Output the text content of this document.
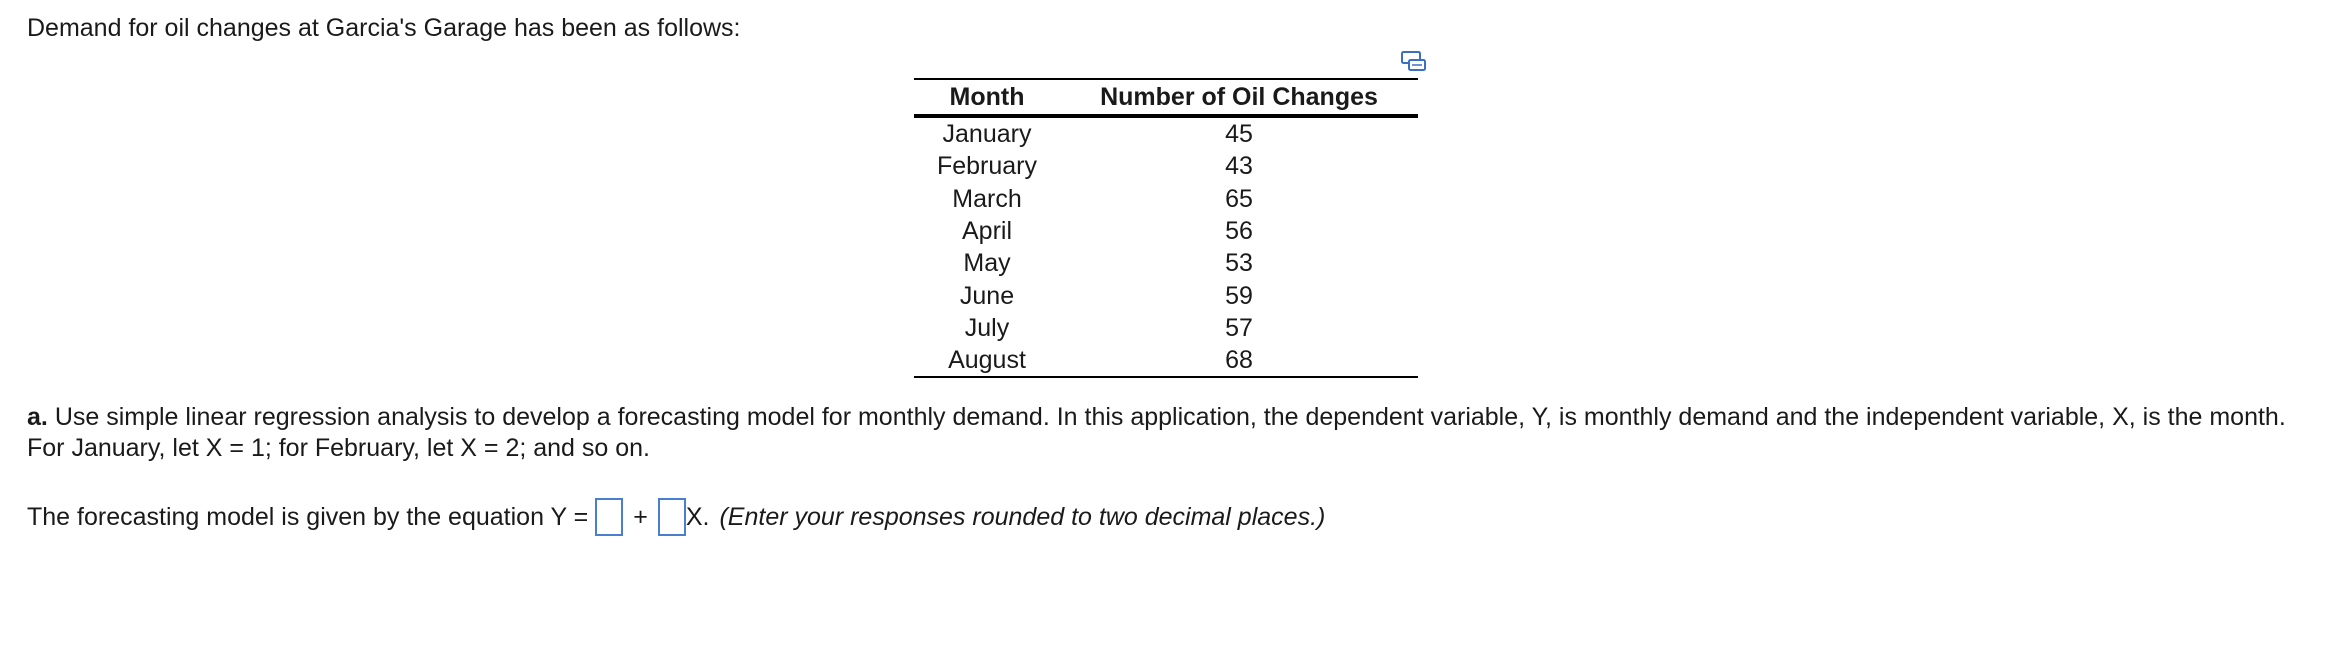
Demand for oil changes at Garcia's Garage has been as follows:
Month	Number of Oil Changes
January	45
February	43
March	65
April	56
May	53
June	59
July	57
August	68
a. Use simple linear regression analysis to develop a forecasting model for monthly demand. In this application, the dependent variable, Y, is monthly demand and the independent variable, X, is the month. For January, let X = 1; for February, let X = 2; and so on.
The forecasting model is given by the equation Y = + X. (Enter your responses rounded to two decimal places.)
